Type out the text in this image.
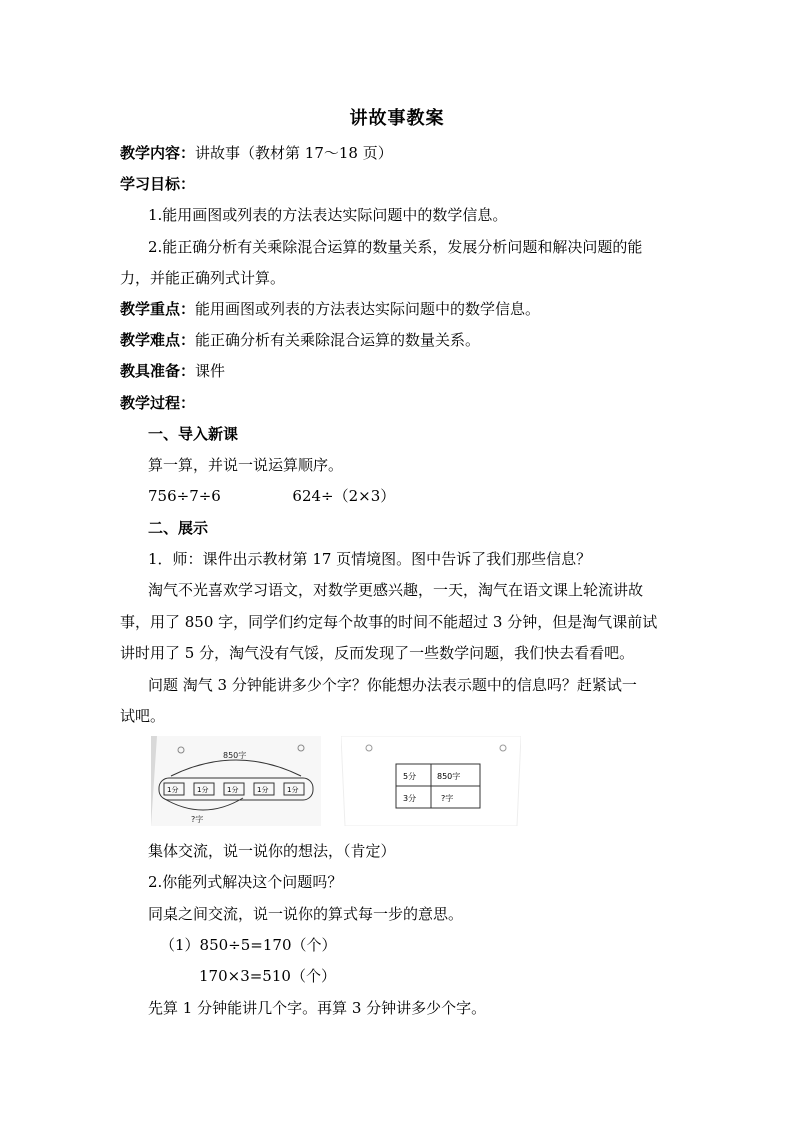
讲故事教案
教学内容：讲故事（教材第 17～18 页）
学习目标：
1.能用画图或列表的方法表达实际问题中的数学信息。
2.能正确分析有关乘除混合运算的数量关系，发展分析问题和解决问题的能
力，并能正确列式计算。
教学重点：能用画图或列表的方法表达实际问题中的数学信息。
教学难点：能正确分析有关乘除混合运算的数量关系。
教具准备：课件
教学过程：
一、导入新课
算一算，并说一说运算顺序。
756÷7÷6	624÷（2×3）
二、展示
1．师：课件出示教材第 17 页情境图。图中告诉了我们那些信息？
淘气不光喜欢学习语文，对数学更感兴趣，一天，淘气在语文课上轮流讲故
事，用了 850 字，同学们约定每个故事的时间不能超过 3 分钟，但是淘气课前试
讲时用了 5 分，淘气没有气馁，反而发现了一些数学问题，我们快去看看吧。
问题 淘气 3 分钟能讲多少个字？你能想办法表示题中的信息吗？赶紧试一
试吧。
850字
1分	1分	1分	1分	1分
?字
5分	850字
3分	?字
集体交流，说一说你的想法，（肯定）
2.你能列式解决这个问题吗？
同桌之间交流，说一说你的算式每一步的意思。
（1）850÷5=170（个）
170×3=510（个）
先算 1 分钟能讲几个字。再算 3 分钟讲多少个字。
